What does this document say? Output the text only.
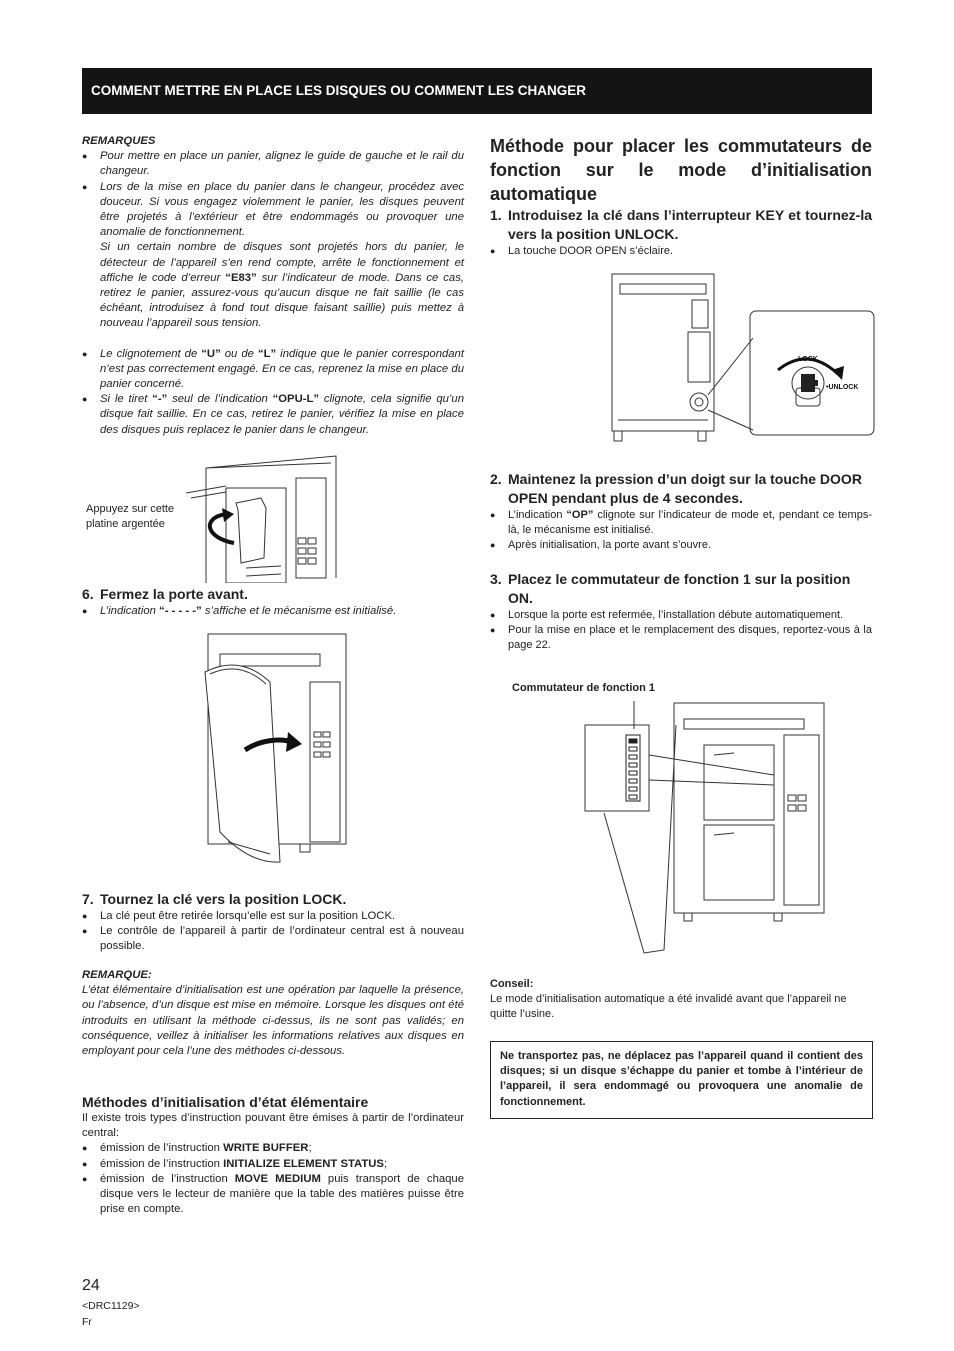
COMMENT METTRE EN PLACE LES DISQUES OU COMMENT LES CHANGER
REMARQUES
● Pour mettre en place un panier, alignez le guide de gauche et le rail du changeur.
● Lors de la mise en place du panier dans le changeur, procédez avec douceur. Si vous engagez violemment le panier, les disques peuvent être projetés à l’extérieur et être endommagés ou provoquer une anomalie de fonctionnement.
Si un certain nombre de disques sont projetés hors du panier, le détecteur de l’appareil s’en rend compte, arrête le fonctionnement et affiche le code d’erreur “E83” sur l’indicateur de mode. Dans ce cas, retirez le panier, assurez-vous qu’aucun disque ne fait saillie (le cas échéant, introduisez à fond tout disque faisant saillie) puis mettez à nouveau l’appareil sous tension.
● Le clignotement de “U” ou de “L” indique que le panier correspondant n’est pas correctement engagé. En ce cas, reprenez la mise en place du panier concerné.
● Si le tiret “-” seul de l’indication “OPU-L” clignote, cela signifie qu’un disque fait saillie. En ce cas, retirez le panier, vérifiez la mise en place des disques puis replacez le panier dans le changeur.
Appuyez sur cette platine argentée
6. Fermez la porte avant.
● L’indication “- - - - -” s’affiche et le mécanisme est initialisé.
7. Tournez la clé vers la position LOCK.
● La clé peut être retirée lorsqu’elle est sur la position LOCK.
● Le contrôle de l’appareil à partir de l’ordinateur central est à nouveau possible.
REMARQUE:
L’état élémentaire d’initialisation est une opération par laquelle la présence, ou l’absence, d’un disque est mise en mémoire. Lorsque les disques ont été introduits en utilisant la méthode ci-dessus, ils ne sont pas validés; en conséquence, veillez à initialiser les informations relatives aux disques en employant pour cela l’une des méthodes ci-dessous.
Méthodes d’initialisation d’état élémentaire
Il existe trois types d’instruction pouvant être émises à partir de l’ordinateur central:
● émission de l’instruction WRITE BUFFER;
● émission de l’instruction INITIALIZE ELEMENT STATUS;
● émission de l’instruction MOVE MEDIUM puis transport de chaque disque vers le lecteur de manière que la table des matières puisse être prise en compte.
Méthode pour placer les commutateurs de fonction sur le mode d’initialisation automatique
1. Introduisez la clé dans l’interrupteur KEY et tournez-la vers la position UNLOCK.
● La touche DOOR OPEN s’éclaire.
LOCK
•UNLOCK
2. Maintenez la pression d’un doigt sur la touche DOOR OPEN pendant plus de 4 secondes.
● L’indication “OP” clignote sur l’indicateur de mode et, pendant ce temps-là, le mécanisme est initialisé.
● Après initialisation, la porte avant s’ouvre.
3. Placez le commutateur de fonction 1 sur la position ON.
● Lorsque la porte est refermée, l’installation débute automatiquement.
● Pour la mise en place et le remplacement des disques, reportez-vous à la page 22.
Commutateur de fonction 1
Conseil:
Le mode d’initialisation automatique a été invalidé avant que l’appareil ne quitte l’usine.
Ne transportez pas, ne déplacez pas l’appareil quand il contient des disques; si un disque s’échappe du panier et tombe à l’intérieur de l’appareil, il sera endommagé ou provoquera une anomalie de fonctionnement.
24
<DRC1129>
Fr
